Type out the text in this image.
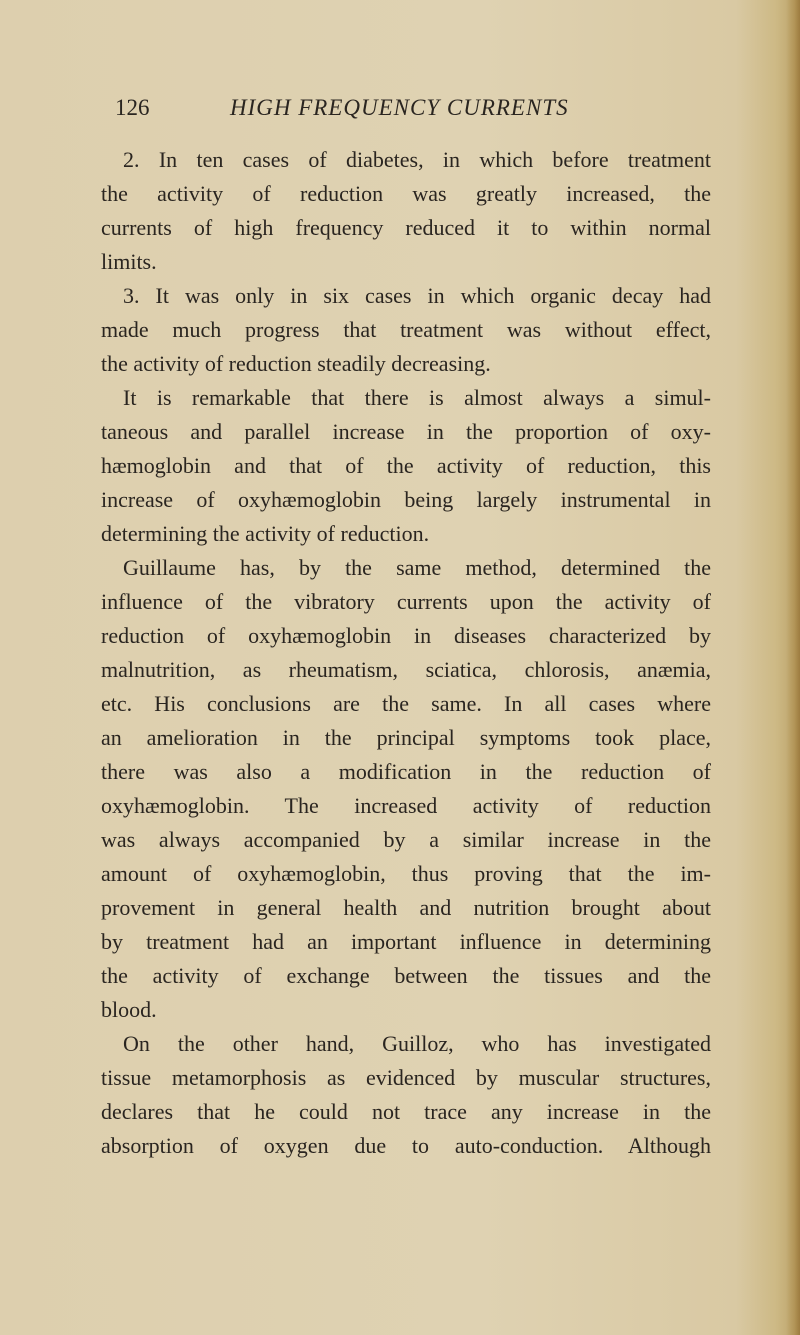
126	HIGH FREQUENCY CURRENTS
2. In ten cases of diabetes, in which before treatment
the activity of reduction was greatly increased, the
currents of high frequency reduced it to within normal
limits.
3. It was only in six cases in which organic decay had
made much progress that treatment was without effect,
the activity of reduction steadily decreasing.
It is remarkable that there is almost always a simul-
taneous and parallel increase in the proportion of oxy-
hæmoglobin and that of the activity of reduction, this
increase of oxyhæmoglobin being largely instrumental in
determining the activity of reduction.
Guillaume has, by the same method, determined the
influence of the vibratory currents upon the activity of
reduction of oxyhæmoglobin in diseases characterized by
malnutrition, as rheumatism, sciatica, chlorosis, anæmia,
etc. His conclusions are the same. In all cases where
an amelioration in the principal symptoms took place,
there was also a modification in the reduction of
oxyhæmoglobin. The increased activity of reduction
was always accompanied by a similar increase in the
amount of oxyhæmoglobin, thus proving that the im-
provement in general health and nutrition brought about
by treatment had an important influence in determining
the activity of exchange between the tissues and the
blood.
On the other hand, Guilloz, who has investigated
tissue metamorphosis as evidenced by muscular structures,
declares that he could not trace any increase in the
absorption of oxygen due to auto-conduction. Although
